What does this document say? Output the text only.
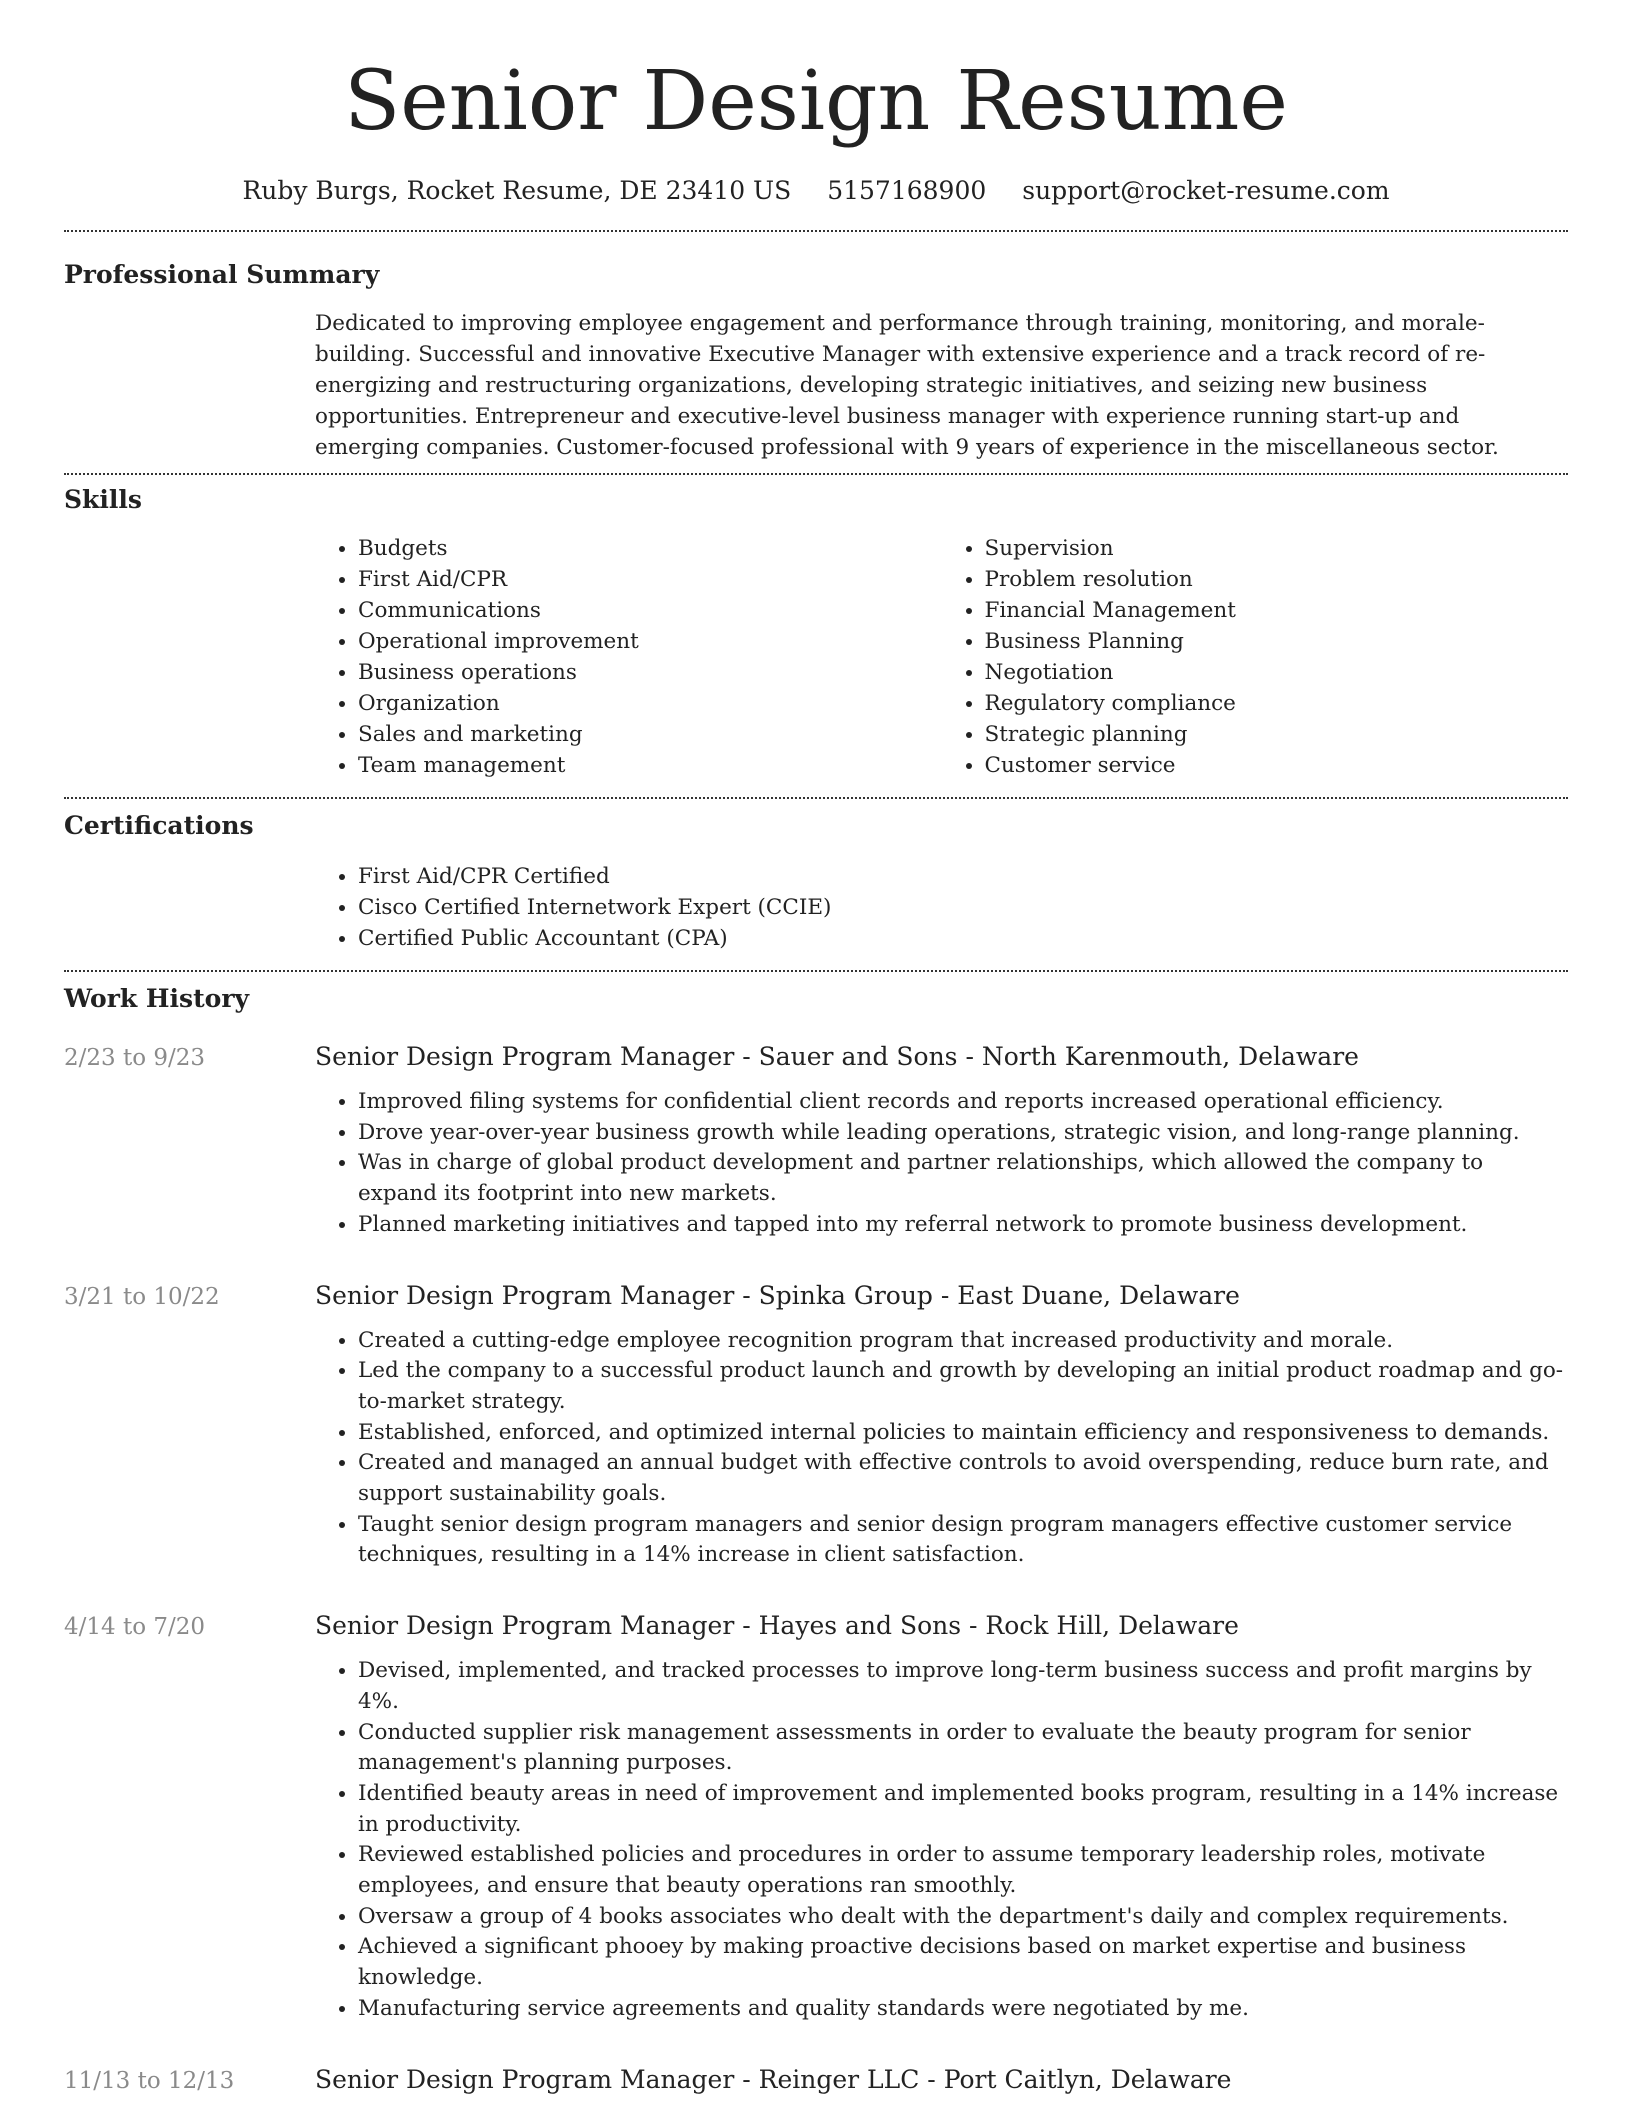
Senior Design Resume
Ruby Burgs, Rocket Resume, DE 23410 US 5157168900 support@rocket-resume.com
Professional Summary

Dedicated to improving employee engagement and performance through training, monitoring, and morale-building. Successful and innovative Executive Manager with extensive experience and a track record of re-energizing and restructuring organizations, developing strategic initiatives, and seizing new business opportunities. Entrepreneur and executive-level business manager with experience running start-up and emerging companies. Customer-focused professional with 9 years of experience in the miscellaneous sector.

Skills
• Budgets
• First Aid/CPR
• Communications
• Operational improvement
• Business operations
• Organization
• Sales and marketing
• Team management
• Supervision
• Problem resolution
• Financial Management
• Business Planning
• Negotiation
• Regulatory compliance
• Strategic planning
• Customer service
Certifications
• First Aid/CPR Certified
• Cisco Certified Internetwork Expert (CCIE)
• Certified Public Accountant (CPA)
Work History
2/23 to 9/23	Senior Design Program Manager - Sauer and Sons - North Karenmouth, Delaware
• Improved filing systems for confidential client records and reports increased operational efficiency.
• Drove year-over-year business growth while leading operations, strategic vision, and long-range planning.
• Was in charge of global product development and partner relationships, which allowed the company to expand its footprint into new markets.
• Planned marketing initiatives and tapped into my referral network to promote business development.
3/21 to 10/22	Senior Design Program Manager - Spinka Group - East Duane, Delaware
• Created a cutting-edge employee recognition program that increased productivity and morale.
• Led the company to a successful product launch and growth by developing an initial product roadmap and go-to-market strategy.
• Established, enforced, and optimized internal policies to maintain efficiency and responsiveness to demands.
• Created and managed an annual budget with effective controls to avoid overspending, reduce burn rate, and support sustainability goals.
• Taught senior design program managers and senior design program managers effective customer service techniques, resulting in a 14% increase in client satisfaction.
4/14 to 7/20	Senior Design Program Manager - Hayes and Sons - Rock Hill, Delaware
• Devised, implemented, and tracked processes to improve long-term business success and profit margins by 4%.
• Conducted supplier risk management assessments in order to evaluate the beauty program for senior management's planning purposes.
• Identified beauty areas in need of improvement and implemented books program, resulting in a 14% increase in productivity.
• Reviewed established policies and procedures in order to assume temporary leadership roles, motivate employees, and ensure that beauty operations ran smoothly.
• Oversaw a group of 4 books associates who dealt with the department's daily and complex requirements.
• Achieved a significant phooey by making proactive decisions based on market expertise and business knowledge.
• Manufacturing service agreements and quality standards were negotiated by me.
11/13 to 12/13	Senior Design Program Manager - Reinger LLC - Port Caitlyn, Delaware
